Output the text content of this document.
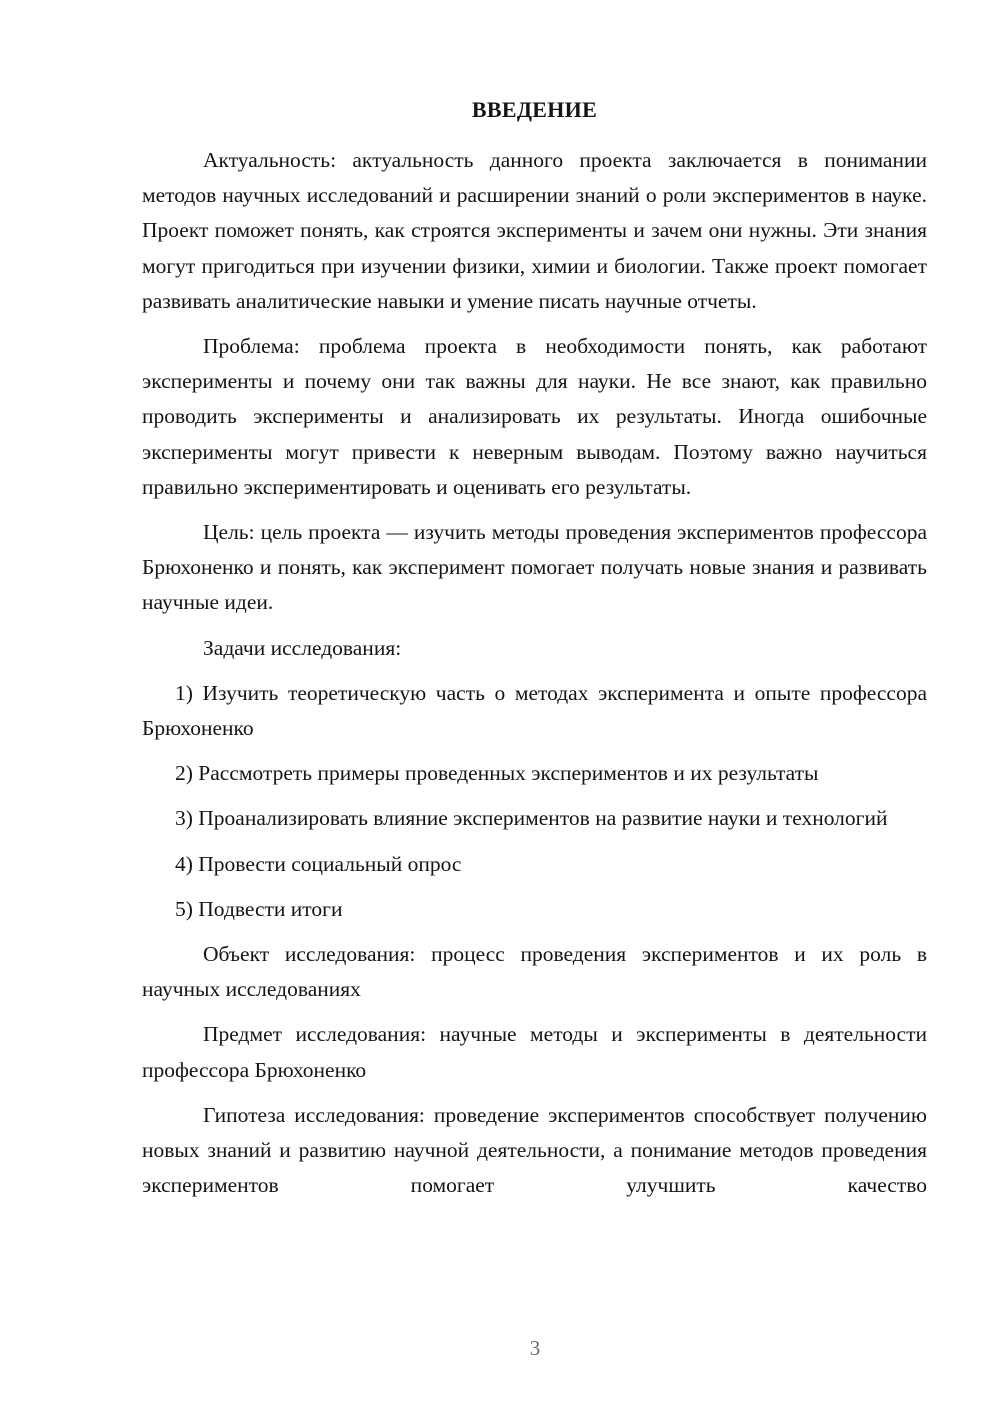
ВВЕДЕНИЕ

Актуальность: актуальность данного проекта заключается в понимании методов научных исследований и расширении знаний о роли экспериментов в науке. Проект поможет понять, как строятся эксперименты и зачем они нужны. Эти знания могут пригодиться при изучении физики, химии и биологии. Также проект помогает развивать аналитические навыки и умение писать научные отчеты.

Проблема: проблема проекта в необходимости понять, как работают эксперименты и почему они так важны для науки. Не все знают, как правильно проводить эксперименты и анализировать их результаты. Иногда ошибочные эксперименты могут привести к неверным выводам. Поэтому важно научиться правильно экспериментировать и оценивать его результаты.

Цель: цель проекта — изучить методы проведения экспериментов профессора Брюхоненко и понять, как эксперимент помогает получать новые знания и развивать научные идеи.

Задачи исследования:

1) Изучить теоретическую часть о методах эксперимента и опыте профессора Брюхоненко

2) Рассмотреть примеры проведенных экспериментов и их результаты

3) Проанализировать влияние экспериментов на развитие науки и технологий

4) Провести социальный опрос

5) Подвести итоги

Объект исследования: процесс проведения экспериментов и их роль в научных исследованиях

Предмет исследования: научные методы и эксперименты в деятельности профессора Брюхоненко

Гипотеза исследования: проведение экспериментов способствует получению новых знаний и развитию научной деятельности, а понимание методов проведения экспериментов помогает улучшить качество

3
